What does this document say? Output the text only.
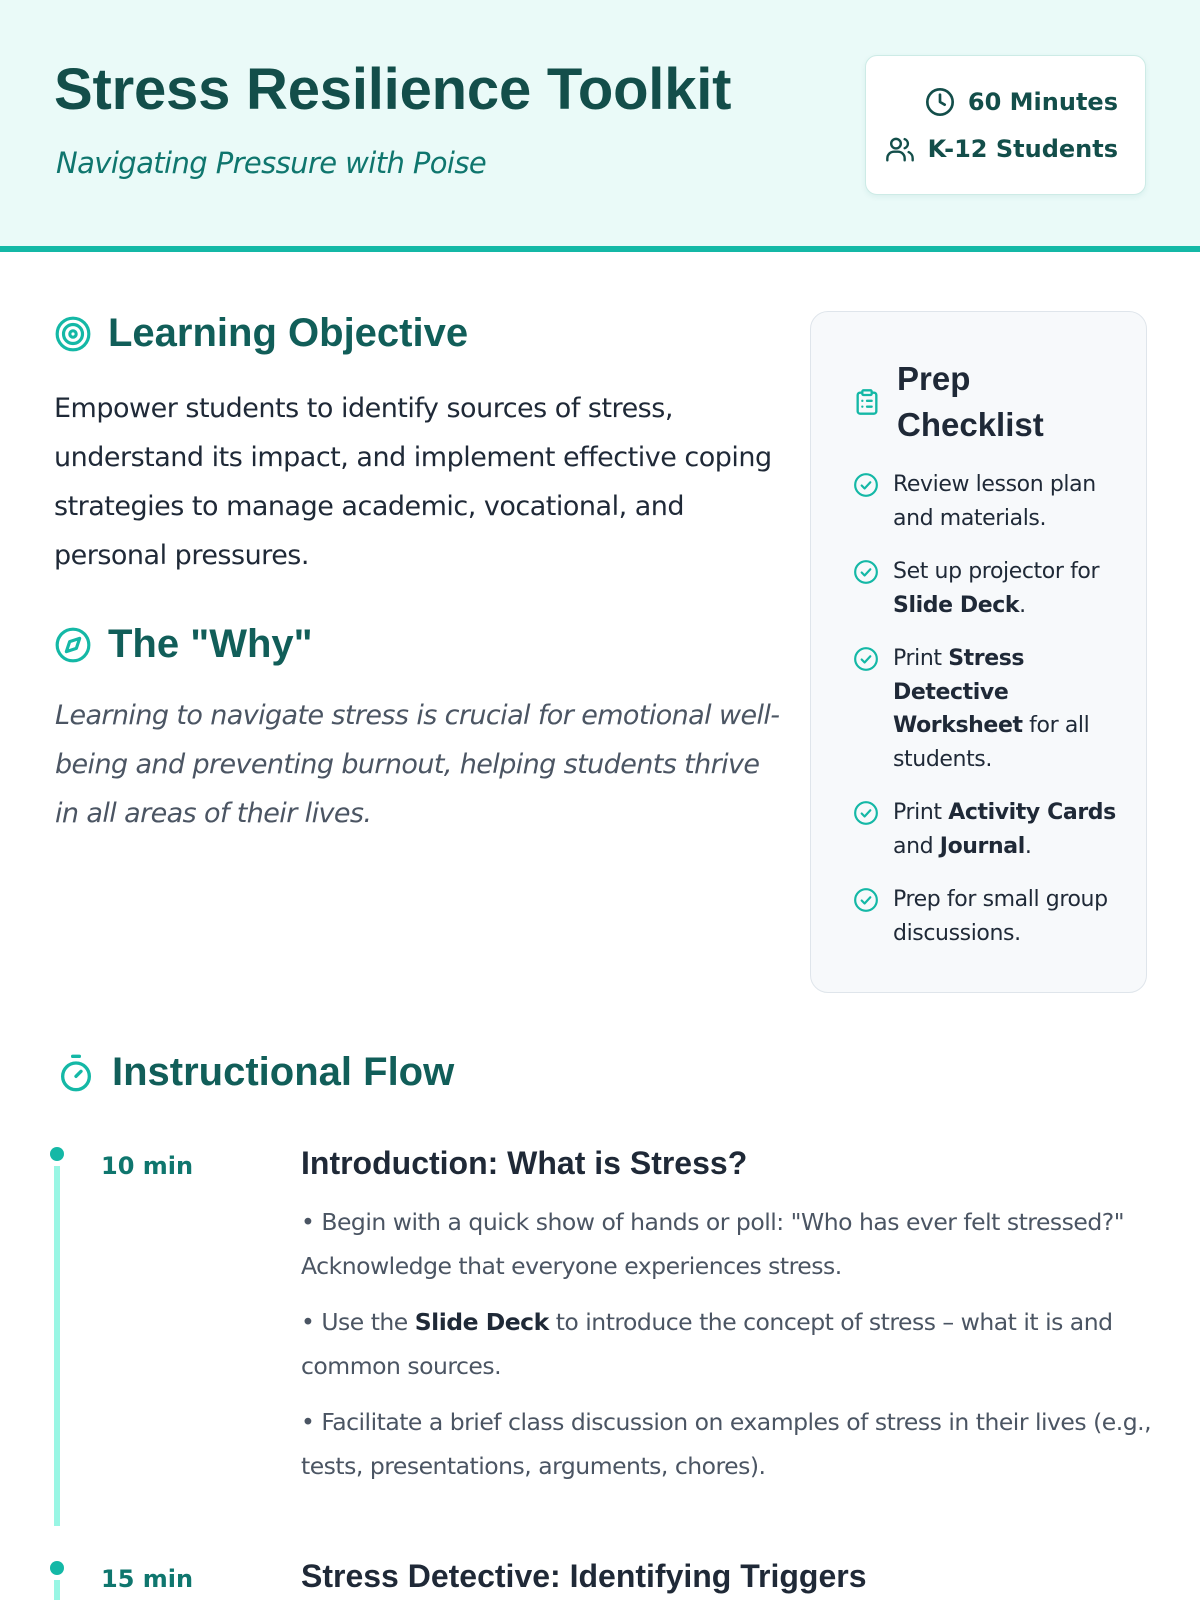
Stress Resilience Toolkit
Navigating Pressure with Poise
60 Minutes
K-12 Students
Learning Objective

Empower students to identify sources of stress, understand its impact, and implement effective coping strategies to manage academic, vocational, and personal pressures.

The "Why"

Learning to navigate stress is crucial for emotional well-being and preventing burnout, helping students thrive in all areas of their lives.

Prep Checklist
Review lesson plan and materials.
Set up projector for Slide Deck.
Print Stress Detective Worksheet for all students.
Print Activity Cards and Journal.
Prep for small group discussions.
Instructional Flow
10 min	Introduction: What is Stress?
• Begin with a quick show of hands or poll: "Who has ever felt stressed?" Acknowledge that everyone experiences stress.
• Use the Slide Deck to introduce the concept of stress – what it is and common sources.
• Facilitate a brief class discussion on examples of stress in their lives (e.g., tests, presentations, arguments, chores).
15 min	Stress Detective: Identifying Triggers
